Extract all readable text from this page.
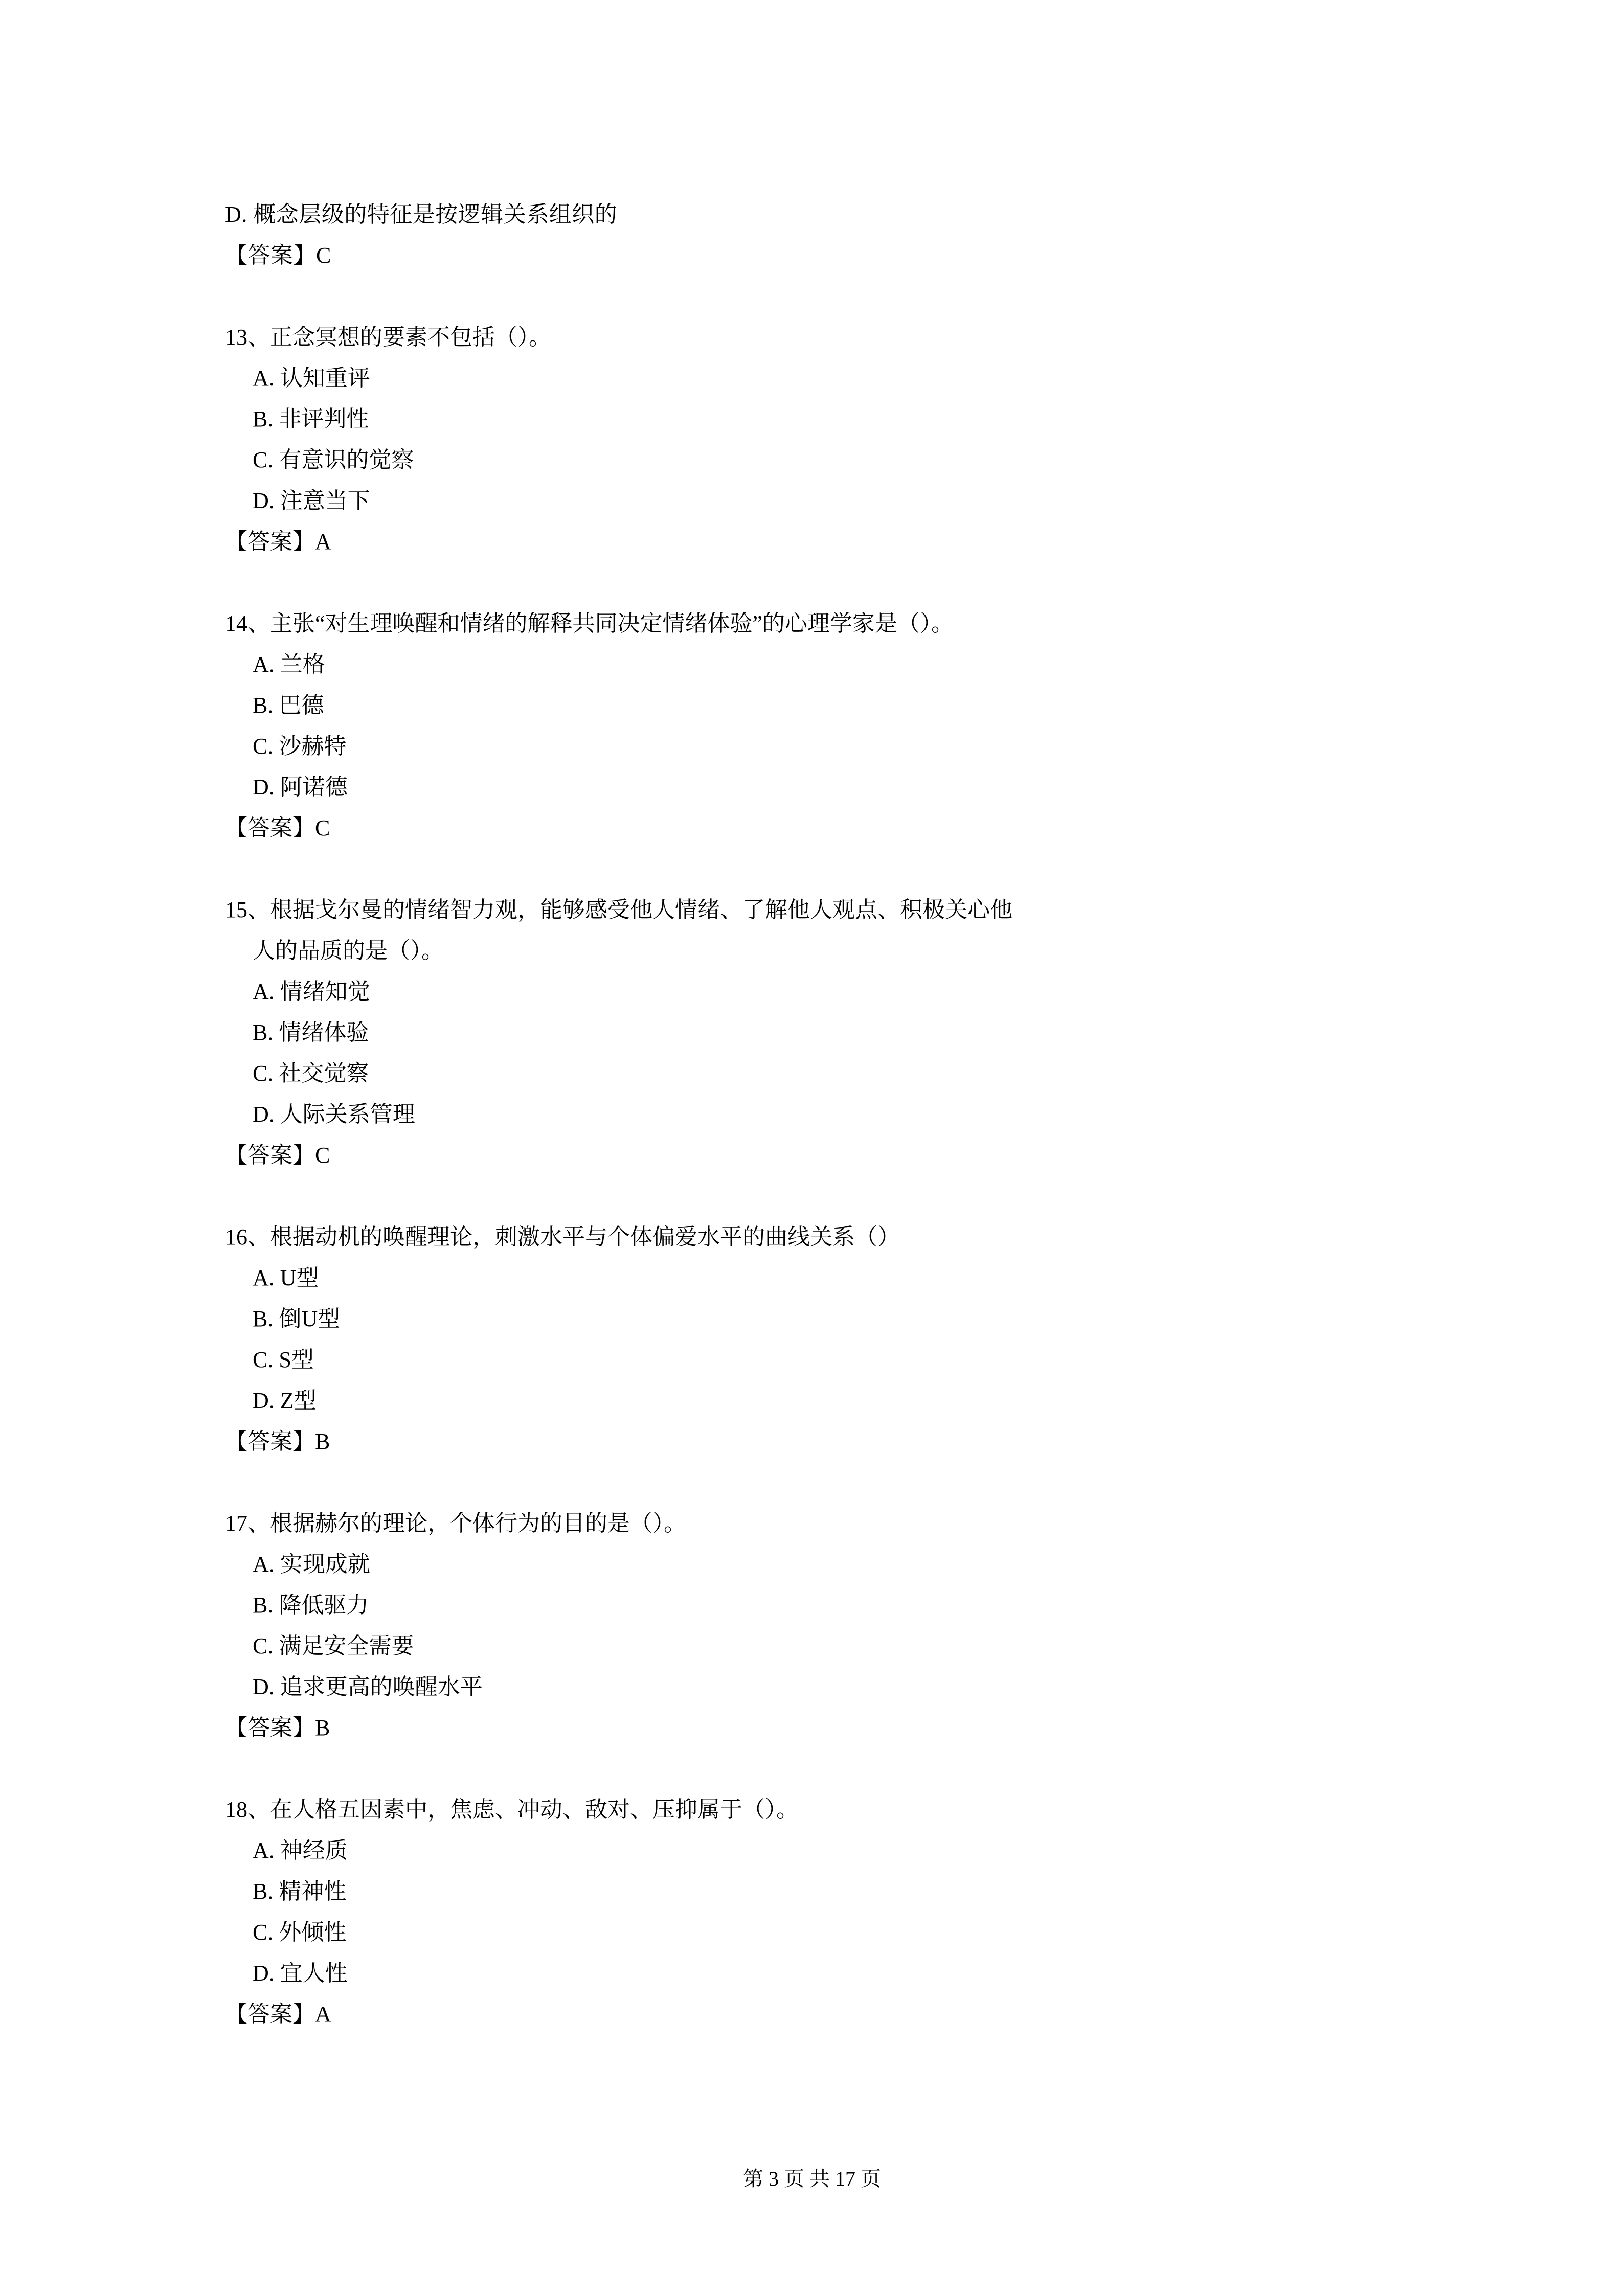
D. 概念层级的特征是按逻辑关系组织的
【答案】C
13、正念冥想的要素不包括（）。
A. 认知重评
B. 非评判性
C. 有意识的觉察
D. 注意当下
【答案】A
14、主张“对生理唤醒和情绪的解释共同决定情绪体验”的心理学家是（）。
A. 兰格
B. 巴德
C. 沙赫特
D. 阿诺德
【答案】C
15、根据戈尔曼的情绪智力观，能够感受他人情绪、了解他人观点、积极关心他
人的品质的是（）。
A. 情绪知觉
B. 情绪体验
C. 社交觉察
D. 人际关系管理
【答案】C
16、根据动机的唤醒理论，刺激水平与个体偏爱水平的曲线关系（）
A. U型
B. 倒U型
C. S型
D. Z型
【答案】B
17、根据赫尔的理论，个体行为的目的是（）。
A. 实现成就
B. 降低驱力
C. 满足安全需要
D. 追求更高的唤醒水平
【答案】B
18、在人格五因素中，焦虑、冲动、敌对、压抑属于（）。
A. 神经质
B. 精神性
C. 外倾性
D. 宜人性
【答案】A
第 3 页 共 17 页
